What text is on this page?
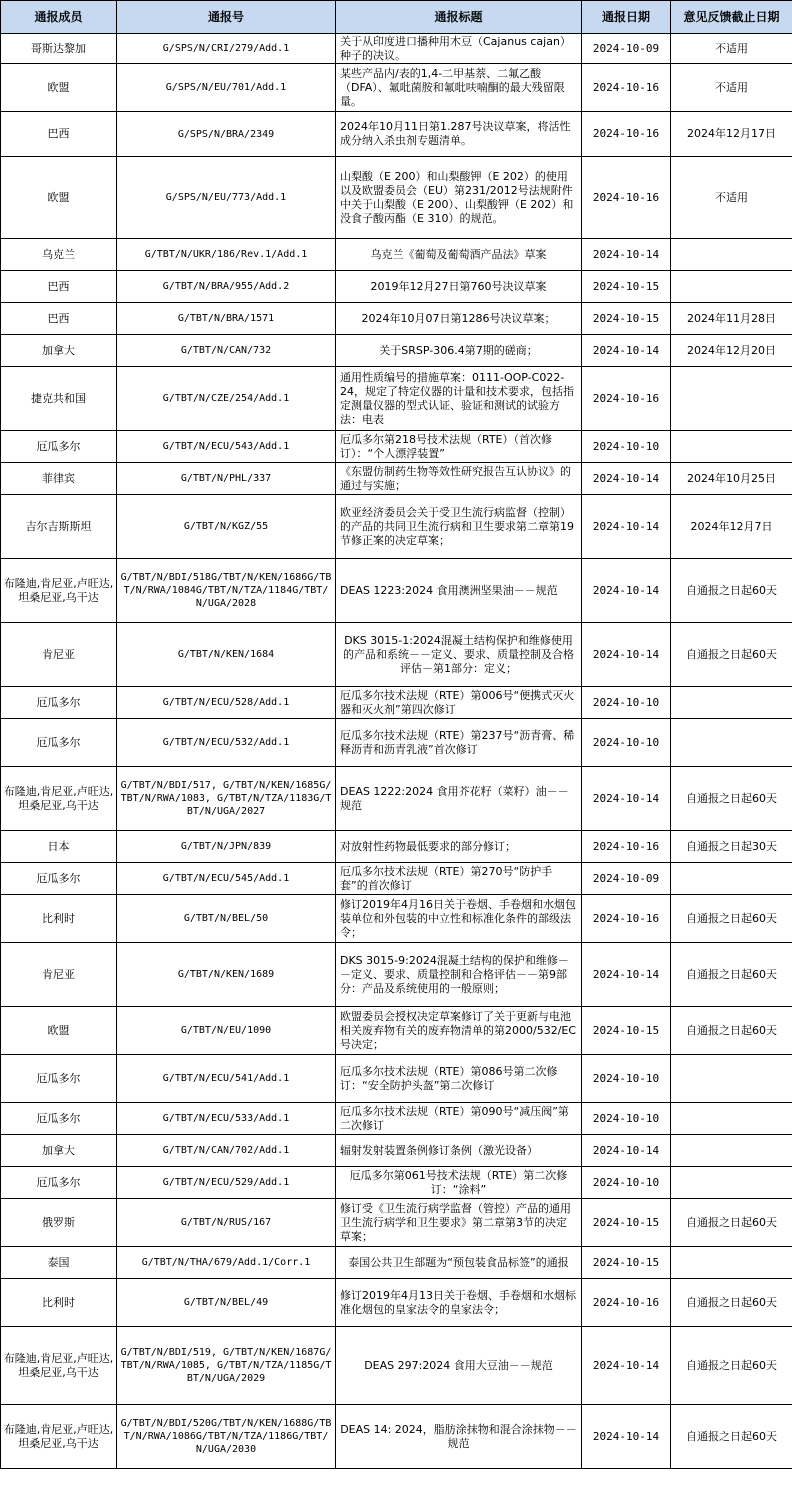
通报成员	通报号	通报标题	通报日期	意见反馈截止日期
哥斯达黎加	G/SPS/N/CRI/279/Add.1	关于从印度进口播种用木豆（Cajanus cajan）种子的决议。	2024-10-09	不适用
欧盟	G/SPS/N/EU/701/Add.1	某些产品内/表的1,4-二甲基萘、二氟乙酸（DFA）、氟吡菌胺和氟吡呋喃酮的最大残留限量。	2024-10-16	不适用
巴西	G/SPS/N/BRA/2349	2024年10月11日第1.287号决议草案，将活性成分纳入杀虫剂专题清单。	2024-10-16	2024年12月17日
欧盟	G/SPS/N/EU/773/Add.1	山梨酸（E 200）和山梨酸钾（E 202）的使用以及欧盟委员会（EU）第231/2012号法规附件中关于山梨酸（E 200）、山梨酸钾（E 202）和没食子酸丙酯（E 310）的规范。	2024-10-16	不适用
乌克兰	G/TBT/N/UKR/186/Rev.1/Add.1	乌克兰《葡萄及葡萄酒产品法》草案	2024-10-14	
巴西	G/TBT/N/BRA/955/Add.2	2019年12月27日第760号决议草案	2024-10-15	
巴西	G/TBT/N/BRA/1571	2024年10月07日第1286号决议草案；	2024-10-15	2024年11月28日
加拿大	G/TBT/N/CAN/732	关于SRSP-306.4第7期的磋商；	2024-10-14	2024年12月20日
捷克共和国	G/TBT/N/CZE/254/Add.1	通用性质编号的措施草案：0111-OOP-C022-24，规定了特定仪器的计量和技术要求，包括指定测量仪器的型式认证、验证和测试的试验方法：电表	2024-10-16	
厄瓜多尔	G/TBT/N/ECU/543/Add.1	厄瓜多尔第218号技术法规（RTE）（首次修订）：“个人漂浮装置”	2024-10-10	
菲律宾	G/TBT/N/PHL/337	《东盟仿制药生物等效性研究报告互认协议》的通过与实施；	2024-10-14	2024年10月25日
吉尔吉斯斯坦	G/TBT/N/KGZ/55	欧亚经济委员会关于受卫生流行病监督（控制）的产品的共同卫生流行病和卫生要求第二章第19节修正案的决定草案；	2024-10-14	2024年12月7日
布隆迪,肯尼亚,卢旺达,坦桑尼亚,乌干达	G/TBT/N/BDI/518G/TBT/N/KEN/1686G/TBT/N/RWA/1084G/TBT/N/TZA/1184G/TBT/N/UGA/2028	DEAS 1223:2024 食用澳洲坚果油－－规范	2024-10-14	自通报之日起60天
肯尼亚	G/TBT/N/KEN/1684	DKS 3015-1:2024混凝土结构保护和维修使用的产品和系统－－定义、要求、质量控制及合格评估－第1部分：定义；	2024-10-14	自通报之日起60天
厄瓜多尔	G/TBT/N/ECU/528/Add.1	厄瓜多尔技术法规（RTE）第006号“便携式灭火器和灭火剂”第四次修订	2024-10-10	
厄瓜多尔	G/TBT/N/ECU/532/Add.1	厄瓜多尔技术法规（RTE）第237号“沥青膏、稀释沥青和沥青乳液”首次修订	2024-10-10	
布隆迪,肯尼亚,卢旺达,坦桑尼亚,乌干达	G/TBT/N/BDI/517, G/TBT/N/KEN/1685G/TBT/N/RWA/1083, G/TBT/N/TZA/1183G/TBT/N/UGA/2027	DEAS 1222:2024 食用芥花籽（菜籽）油－－规范	2024-10-14	自通报之日起60天
日本	G/TBT/N/JPN/839	对放射性药物最低要求的部分修订；	2024-10-16	自通报之日起30天
厄瓜多尔	G/TBT/N/ECU/545/Add.1	厄瓜多尔技术法规（RTE）第270号“防护手套”的首次修订	2024-10-09	
比利时	G/TBT/N/BEL/50	修订2019年4月16日关于卷烟、手卷烟和水烟包装单位和外包装的中立性和标准化条件的部级法令；	2024-10-16	自通报之日起60天
肯尼亚	G/TBT/N/KEN/1689	DKS 3015-9:2024混凝土结构的保护和维修－－定义、要求、质量控制和合格评估－－第9部分：产品及系统使用的一般原则；	2024-10-14	自通报之日起60天
欧盟	G/TBT/N/EU/1090	欧盟委员会授权决定草案修订了关于更新与电池相关废弃物有关的废弃物清单的第2000/532/EC号决定；	2024-10-15	自通报之日起60天
厄瓜多尔	G/TBT/N/ECU/541/Add.1	厄瓜多尔技术法规（RTE）第086号第二次修订：“安全防护头盔”第二次修订	2024-10-10	
厄瓜多尔	G/TBT/N/ECU/533/Add.1	厄瓜多尔技术法规（RTE）第090号“减压阀”第二次修订	2024-10-10	
加拿大	G/TBT/N/CAN/702/Add.1	辐射发射装置条例修订条例（激光设备）	2024-10-14	
厄瓜多尔	G/TBT/N/ECU/529/Add.1	厄瓜多尔第061号技术法规（RTE）第二次修订：“涂料”	2024-10-10	
俄罗斯	G/TBT/N/RUS/167	修订受《卫生流行病学监督（管控）产品的通用卫生流行病学和卫生要求》第二章第3节的决定草案；	2024-10-15	自通报之日起60天
泰国	G/TBT/N/THA/679/Add.1/Corr.1	泰国公共卫生部题为“预包装食品标签”的通报	2024-10-15	
比利时	G/TBT/N/BEL/49	修订2019年4月13日关于卷烟、手卷烟和水烟标准化烟包的皇家法令的皇家法令；	2024-10-16	自通报之日起60天
布隆迪,肯尼亚,卢旺达,坦桑尼亚,乌干达	G/TBT/N/BDI/519, G/TBT/N/KEN/1687G/TBT/N/RWA/1085, G/TBT/N/TZA/1185G/TBT/N/UGA/2029	DEAS 297:2024 食用大豆油－－规范	2024-10-14	自通报之日起60天
布隆迪,肯尼亚,卢旺达,坦桑尼亚,乌干达	G/TBT/N/BDI/520G/TBT/N/KEN/1688G/TBT/N/RWA/1086G/TBT/N/TZA/1186G/TBT/N/UGA/2030	DEAS 14: 2024，脂肪涂抹物和混合涂抹物－－规范	2024-10-14	自通报之日起60天
